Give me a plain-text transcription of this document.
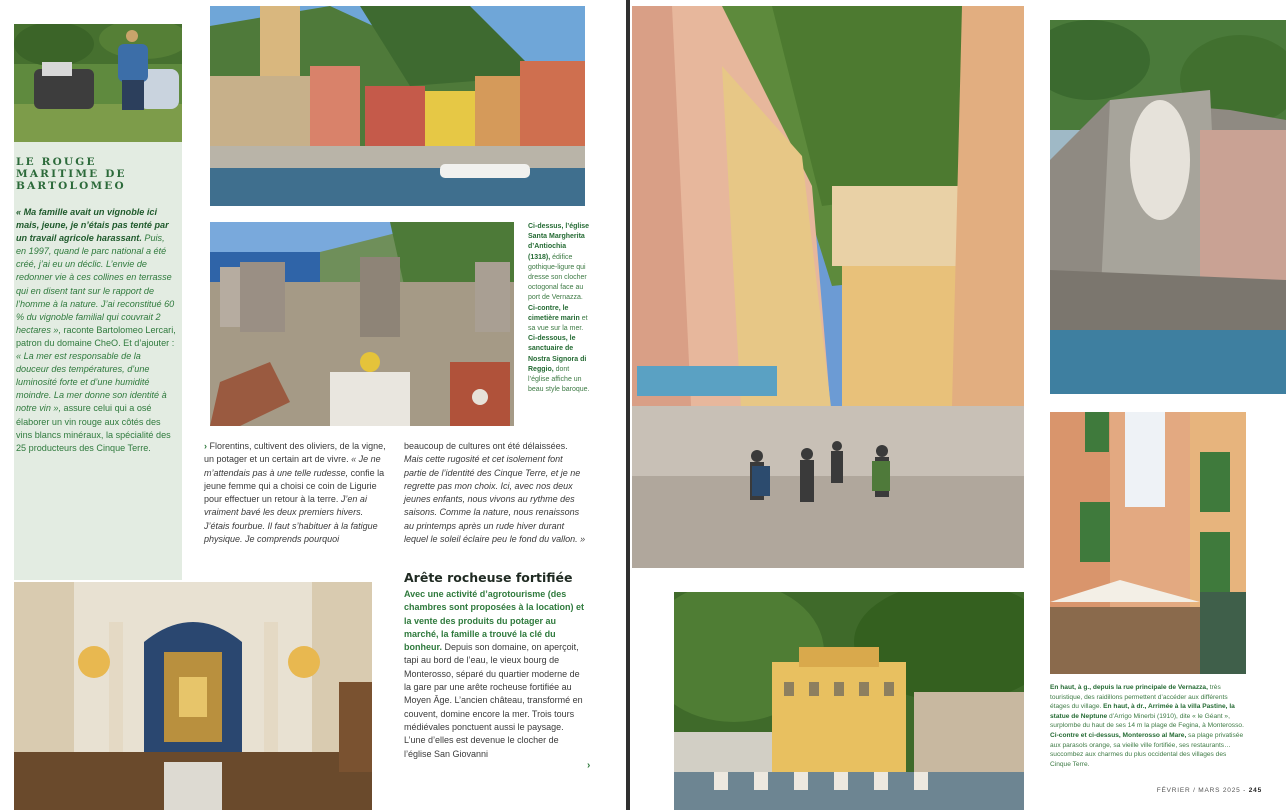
LE ROUGE MARITIME DE BARTOLOMEO
« Ma famille avait un vignoble ici mais, jeune, je n’étais pas tenté par un travail agricole harassant. Puis, en 1997, quand le parc national a été créé, j’ai eu un déclic. L’envie de redonner vie à ces collines en terrasse qui en disent tant sur le rapport de l’homme à la nature. J’ai reconstitué 60 % du vignoble familial qui couvrait 2 hectares », raconte Bartolomeo Lercari, patron du domaine CheO. Et d’ajouter : « La mer est responsable de la douceur des températures, d’une luminosité forte et d’une humidité moindre. La mer donne son identité à notre vin », assure celui qui a osé élaborer un vin rouge aux côtés des vins blancs minéraux, la spécialité des 25 producteurs des Cinque Terre.
Ci-dessus, l’église Santa Margherita d’Antiochia (1318), édifice gothique-ligure qui dresse son clocher octogonal face au port de Vernazza. Ci-contre, le cimetière marin et sa vue sur la mer. Ci-dessous, le sanctuaire de Nostra Signora di Reggio, dont l’église affiche un beau style baroque.
› Florentins, cultivent des oliviers, de la vigne, un potager et un certain art de vivre. « Je ne m’attendais pas à une telle rudesse, confie la jeune femme qui a choisi ce coin de Ligurie pour effectuer un retour à la terre. J’en ai vraiment bavé les deux premiers hivers. J’étais fourbue. Il faut s’habituer à la fatigue physique. Je comprends pourquoi
beaucoup de cultures ont été délaissées. Mais cette rugosité et cet isolement font partie de l’identité des Cinque Terre, et je ne regrette pas mon choix. Ici, avec nos deux jeunes enfants, nous vivons au rythme des saisons. Comme la nature, nous renaissons au printemps après un rude hiver durant lequel le soleil éclaire peu le fond du vallon. »
Arête rocheuse fortifiée
Avec une activité d’agrotourisme (des chambres sont proposées à la location) et la vente des produits du potager au marché, la famille a trouvé la clé du bonheur. Depuis son domaine, on aperçoit, tapi au bord de l’eau, le vieux bourg de Monterosso, séparé du quartier moderne de la gare par une arête rocheuse fortifiée au Moyen Âge. L’ancien château, transformé en couvent, domine encore la mer. Trois tours médiévales ponctuent aussi le paysage. L’une d’elles est devenue le clocher de l’église San Giovanni
›
En haut, à g., depuis la rue principale de Vernazza, très touristique, des raidillons permettent d’accéder aux différents étages du village. En haut, à dr., Arrimée à la villa Pastine, la statue de Neptune d’Arrigo Minerbi (1910), dite « le Géant », surplombe du haut de ses 14 m la plage de Fegina, à Monterosso. Ci-contre et ci-dessus, Monterosso al Mare, sa plage privatisée aux parasols orange, sa vieille ville fortifiée, ses restaurants… succombez aux charmes du plus occidental des villages des Cinque Terre.
FÉVRIER / MARS 2025 - 245
